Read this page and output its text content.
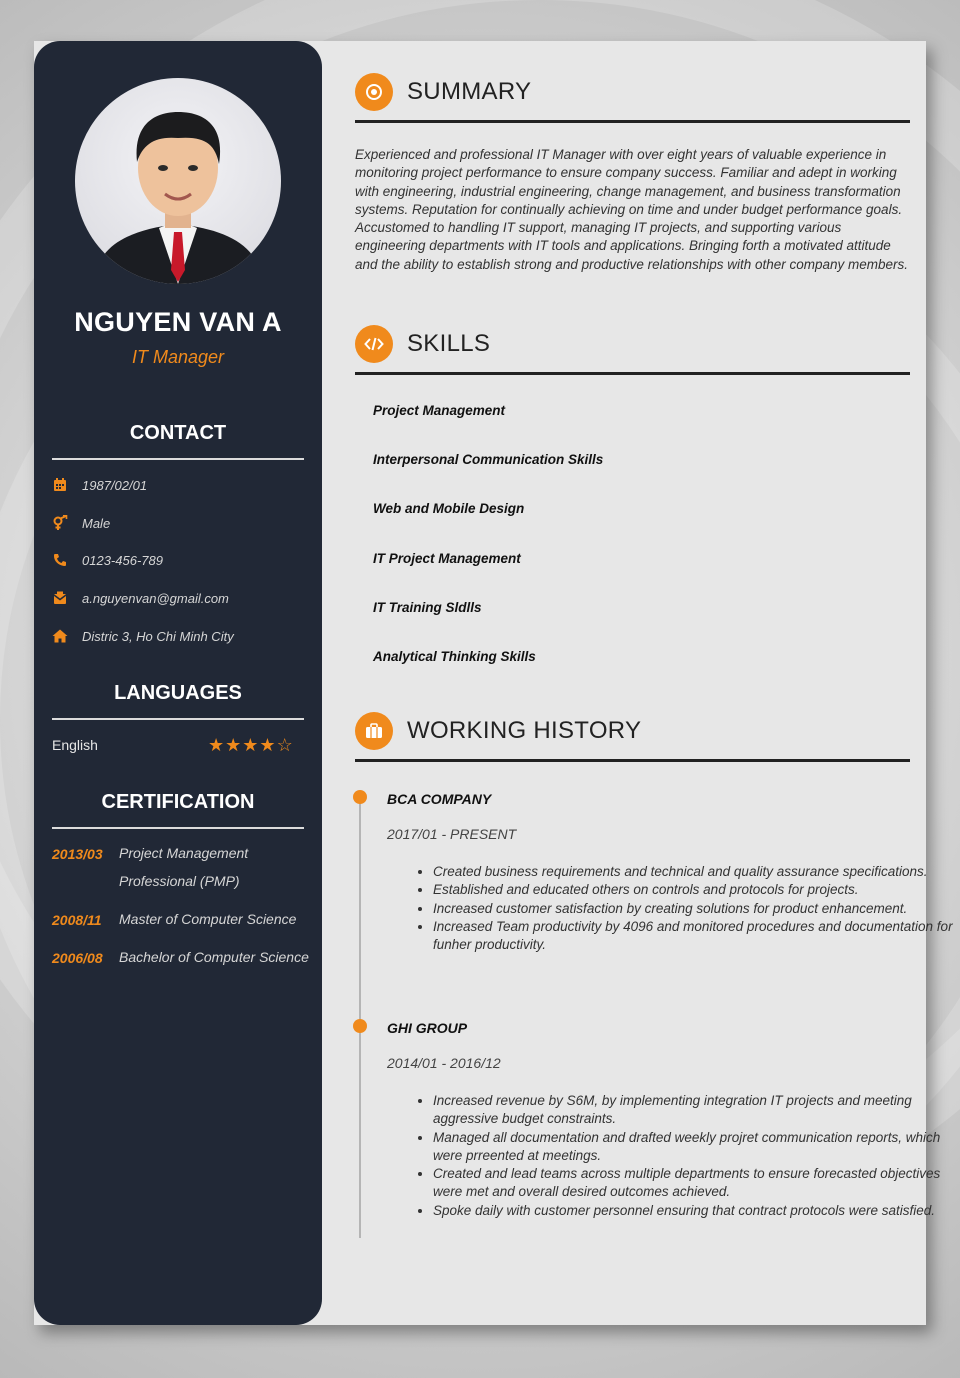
NGUYEN VAN A
IT Manager
CONTACT
1987/02/01
Male
0123-456-789
a.nguyenvan@gmail.com
Distric 3, Ho Chi Minh City
LANGUAGES
English	★ ★ ★ ★ ☆
CERTIFICATION
2013/03 Project Management Professional (PMP)
2008/11 Master of Computer Science
2006/08 Bachelor of Computer Science
SUMMARY
Experienced and professional IT Manager with over eight years of valuable experience in monitoring project performance to ensure company success. Familiar and adept in working with engineering, industrial engineering, change management, and business transformation systems. Reputation for continually achieving on time and under budget performance goals. Accustomed to handling IT support, managing IT projects, and supporting various engineering departments with IT tools and applications. Bringing forth a motivated attitude and the ability to establish strong and productive relationships with other company members.
SKILLS
Project Management
Interpersonal Communication Skills
Web and Mobile Design
IT Project Management
IT Training Sldlls
Analytical Thinking Skills
WORKING HISTORY
BCA COMPANY
2017/01 - PRESENT
• Created business requirements and technical and quality assurance specifications.
• Established and educated others on controls and protocols for projects.
• Increased customer satisfaction by creating solutions for product enhancement.
• Increased Team productivity by 4096 and monitored procedures and documentation for funher productivity.
GHI GROUP
2014/01 - 2016/12
• Increased revenue by S6M, by implementing integration IT projects and meeting aggressive budget constraints.
• Managed all documentation and drafted weekly projret communication reports, which were prreented at meetings.
• Created and lead teams across multiple departments to ensure forecasted objectives were met and overall desired outcomes achieved.
• Spoke daily with customer personnel ensuring that contract protocols were satisfied.
